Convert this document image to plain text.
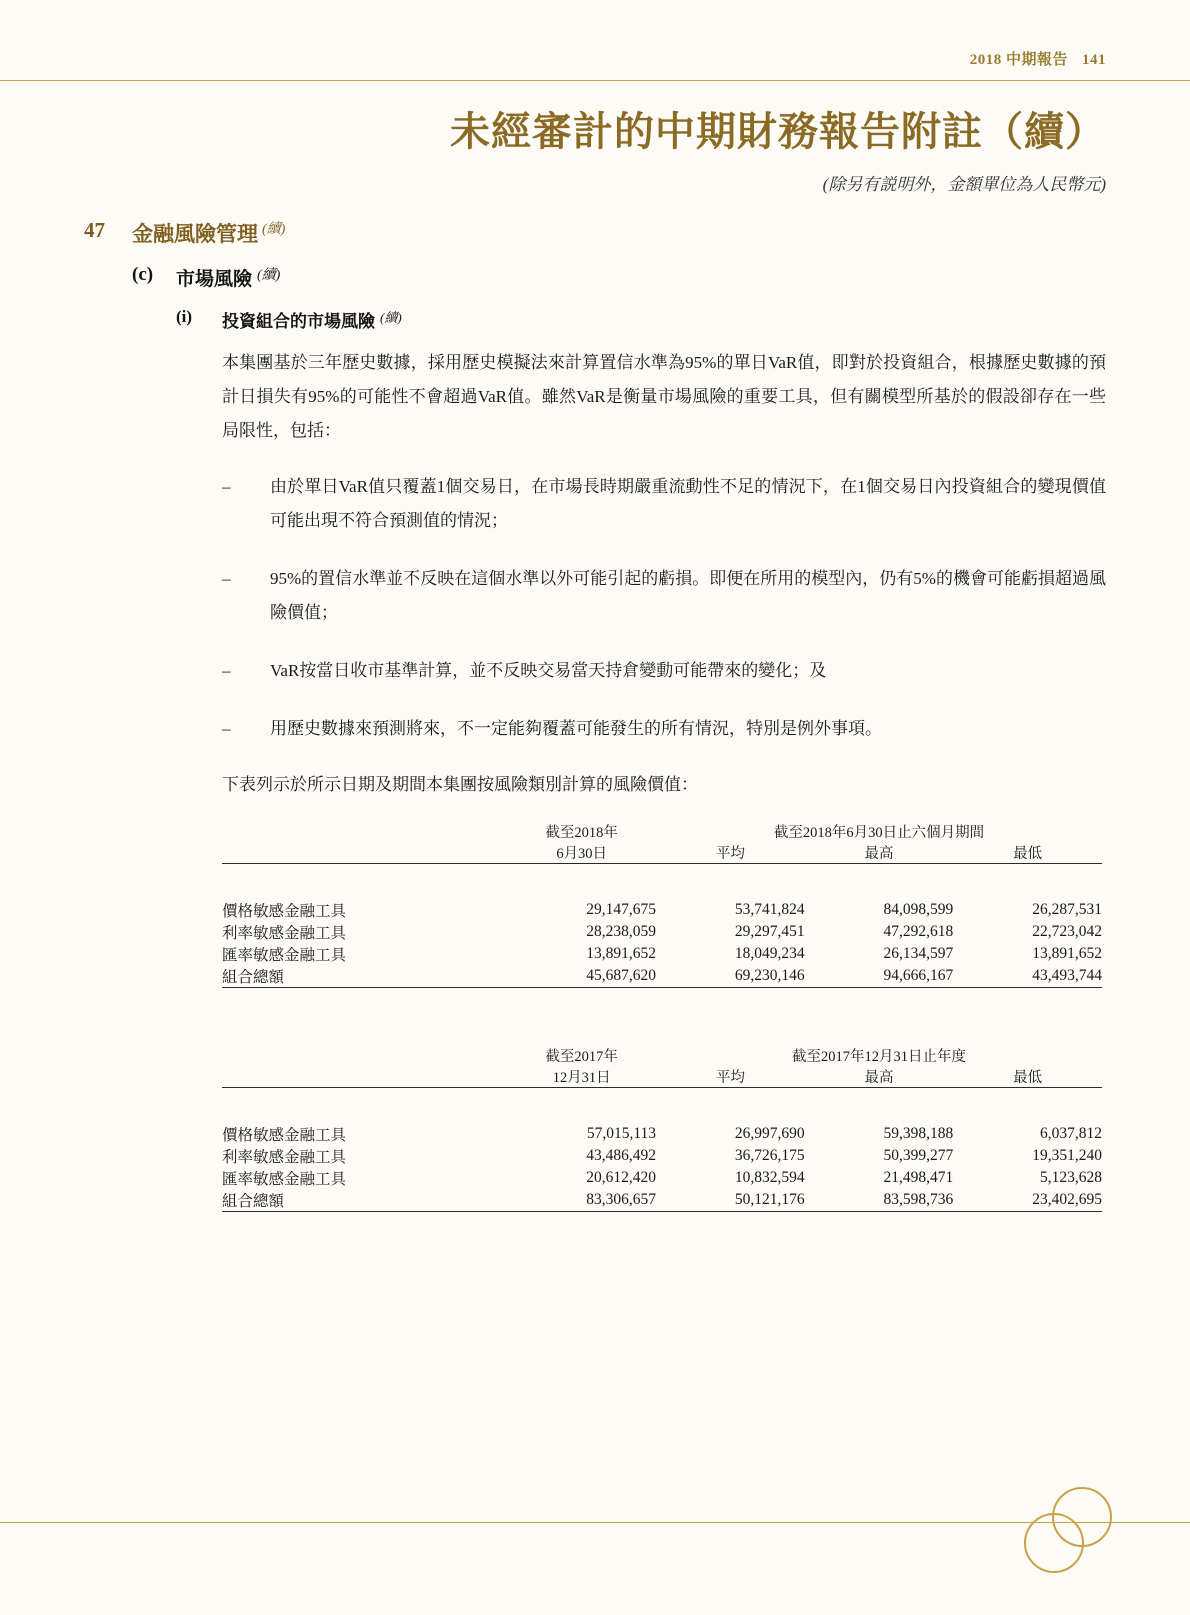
2018 中期報告 141
未經審計的中期財務報告附註（續）
(除另有説明外，金額單位為人民幣元)
47	金融風險管理 (續)
(c)	市場風險 (續)
(i)	投資組合的市場風險 (續)
本集團基於三年歷史數據，採用歷史模擬法來計算置信水準為95%的單日VaR值，即對於投資組合，根據歷史數據的預計日損失有95%的可能性不會超過VaR值。雖然VaR是衡量市場風險的重要工具，但有關模型所基於的假設卻存在一些局限性，包括：
–	由於單日VaR值只覆蓋1個交易日，在市場長時期嚴重流動性不足的情況下，在1個交易日內投資組合的變現價值可能出現不符合預測值的情況；
–	95%的置信水準並不反映在這個水準以外可能引起的虧損。即便在所用的模型內，仍有5%的機會可能虧損超過風險價值；
–	VaR按當日收市基準計算，並不反映交易當天持倉變動可能帶來的變化；及
–	用歷史數據來預測將來，不一定能夠覆蓋可能發生的所有情況，特別是例外事項。
下表列示於所示日期及期間本集團按風險類別計算的風險價值：
	截至2018年	截至2018年6月30日止六個月期間		
	6月30日	平均	最高	最低

價格敏感金融工具	29,147,675	53,741,824	84,098,599	26,287,531
利率敏感金融工具	28,238,059	29,297,451	47,292,618	22,723,042
匯率敏感金融工具	13,891,652	18,049,234	26,134,597	13,891,652
組合總額	45,687,620	69,230,146	94,666,167	43,493,744

	截至2017年	截至2017年12月31日止年度		
	12月31日	平均	最高	最低

價格敏感金融工具	57,015,113	26,997,690	59,398,188	6,037,812
利率敏感金融工具	43,486,492	36,726,175	50,399,277	19,351,240
匯率敏感金融工具	20,612,420	10,832,594	21,498,471	5,123,628
組合總額	83,306,657	50,121,176	83,598,736	23,402,695
